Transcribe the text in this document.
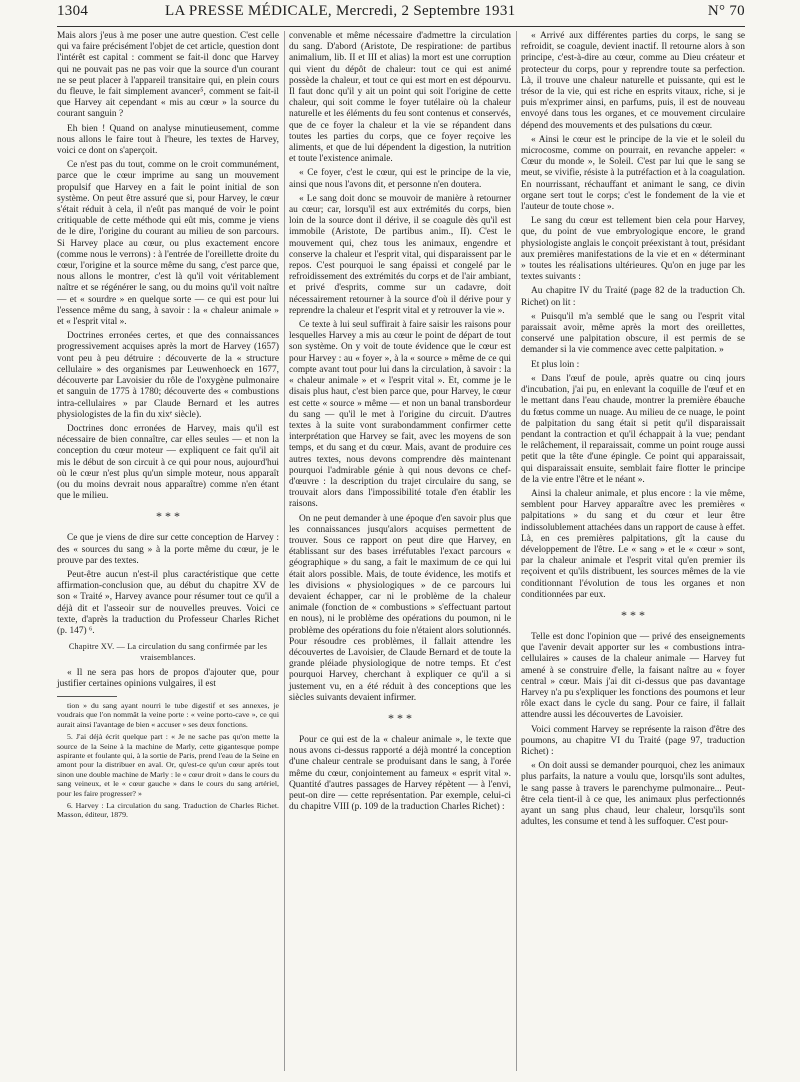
1304	LA PRESSE MÉDICALE, Mercredi, 2 Septembre 1931	N° 70

Mais alors j'eus à me poser une autre question. C'est celle qui va faire précisément l'objet de cet article, question dont l'intérêt est capital : comment se fait-il donc que Harvey qui ne pouvait pas ne pas voir que la source d'un courant ne se peut placer à l'appareil transitaire qui, en plein cours du fleuve, le fait simplement avancer⁵, comment se fait-il que Harvey ait cependant « mis au cœur » la source du courant sanguin ?

Eh bien ! Quand on analyse minutieusement, comme nous allons le faire tout à l'heure, les textes de Harvey, voici ce dont on s'aperçoit.

Ce n'est pas du tout, comme on le croit communément, parce que le cœur imprime au sang un mouvement propulsif que Harvey en a fait le point initial de son système. On peut être assuré que si, pour Harvey, le cœur s'était réduit à cela, il n'eût pas manqué de voir le point critiquable de cette méthode qui eût mis, comme je viens de le dire, l'origine du courant au milieu de son parcours. Si Harvey place au cœur, ou plus exactement encore (comme nous le verrons) : à l'entrée de l'oreillette droite du cœur, l'origine et la source même du sang, c'est parce que, nous allons le montrer, c'est là qu'il voit véritablement naître et se régénérer le sang, ou du moins qu'il voit naître — et « sourdre » en quelque sorte — ce qui est pour lui l'essence même du sang, à savoir : la « chaleur animale » et « l'esprit vital ».

Doctrines erronées certes, et que des connaissances progressivement acquises après la mort de Harvey (1657) vont peu à peu détruire : découverte de la « structure cellulaire » des organismes par Leuwenhoeck en 1677, découverte par Lavoisier du rôle de l'oxygène pulmonaire et sanguin de 1775 à 1780; découverte des « combustions intra-cellulaires » par Claude Bernard et les autres physiologistes de la fin du xixᵉ siècle).

Doctrines donc erronées de Harvey, mais qu'il est nécessaire de bien connaître, car elles seules — et non la conception du cœur moteur — expliquent ce fait qu'il ait mis le début de son circuit à ce qui pour nous, aujourd'hui où le cœur n'est plus qu'un simple moteur, nous apparaît (ou du moins devrait nous apparaître) comme n'en étant que le milieu.

* * *

Ce que je viens de dire sur cette conception de Harvey : des « sources du sang » à la porte même du cœur, je le prouve par des textes.

Peut-être aucun n'est-il plus caractéristique que cette affirmation-conclusion que, au début du chapitre XV de son « Traité », Harvey avance pour résumer tout ce qu'il a déjà dit et l'asseoir sur de nouvelles preuves. Voici ce texte, d'après la traduction du Professeur Charles Richet (p. 147) ⁶.

Chapitre XV. — La circulation du sang confirmée par les vraisemblances.

« Il ne sera pas hors de propos d'ajouter que, pour justifier certaines opinions vulgaires, il est

tion » du sang ayant nourri le tube digestif et ses annexes, je voudrais que l'on nommât la veine porte : « veine porto-cave », ce qui aurait ainsi l'avantage de bien « accuser » ses deux fonctions.

5. J'ai déjà écrit quelque part : « Je ne sache pas qu'on mette la source de la Seine à la machine de Marly, cette gigantesque pompe aspirante et foulante qui, à la sortie de Paris, prend l'eau de la Seine en amont pour la distribuer en aval. Or, qu'est-ce qu'un cœur après tout sinon une double machine de Marly : le « cœur droit » dans le cours du sang veineux, et le « cœur gauche » dans le cours du sang artériel, pour les faire progresser? »

6. Harvey : La circulation du sang. Traduction de Charles Richet. Masson, éditeur, 1879.

convenable et même nécessaire d'admettre la circulation du sang. D'abord (Aristote, De respiratione: de partibus animalium, lib. II et III et alias) la mort est une corruption qui vient du dépôt de chaleur: tout ce qui est animé possède la chaleur, et tout ce qui est mort en est dépourvu. Il faut donc qu'il y ait un point qui soit l'origine de cette chaleur, qui soit comme le foyer tutélaire où la chaleur naturelle et les éléments du feu sont contenus et conservés, que de ce foyer la chaleur et la vie se répandent dans toutes les parties du corps, que ce foyer reçoive les aliments, et que de lui dépendent la digestion, la nutrition et toute l'existence animale.

« Ce foyer, c'est le cœur, qui est le principe de la vie, ainsi que nous l'avons dit, et personne n'en doutera.

« Le sang doit donc se mouvoir de manière à retourner au cœur; car, lorsqu'il est aux extrémités du corps, bien loin de la source dont il dérive, il se coagule dès qu'il est immobile (Aristote, De partibus anim., II). C'est le mouvement qui, chez tous les animaux, engendre et conserve la chaleur et l'esprit vital, qui disparaissent par le repos. C'est pourquoi le sang épaissi et congelé par le refroidissement des extrémités du corps et de l'air ambiant, et privé d'esprits, comme sur un cadavre, doit nécessairement retourner à la source d'où il dérive pour y reprendre la chaleur et l'esprit vital et y retrouver la vie ».

Ce texte à lui seul suffirait à faire saisir les raisons pour lesquelles Harvey a mis au cœur le point de départ de tout son système. On y voit de toute évidence que le cœur est pour Harvey : au « foyer », à la « source » même de ce qui compte avant tout pour lui dans la circulation, à savoir : la « chaleur animale » et « l'esprit vital ». Et, comme je le disais plus haut, c'est bien parce que, pour Harvey, le cœur est cette « source » même — et non un banal transbordeur du sang — qu'il le met à l'origine du circuit. D'autres textes à la suite vont surabondamment confirmer cette interprétation que Harvey se fait, avec les moyens de son temps, et du sang et du cœur. Mais, avant de produire ces autres textes, nous devons comprendre dès maintenant pourquoi l'admirable génie à qui nous devons ce chef-d'œuvre : la description du trajet circulaire du sang, se trouvait alors dans l'impossibilité totale d'en établir les raisons.

On ne peut demander à une époque d'en savoir plus que les connaissances jusqu'alors acquises permettent de trouver. Sous ce rapport on peut dire que Harvey, en établissant sur des bases irréfutables l'exact parcours « géographique » du sang, a fait le maximum de ce qui lui était alors possible. Mais, de toute évidence, les motifs et les divisions « physiologiques » de ce parcours lui devaient échapper, car ni le problème de la chaleur animale (fonction de « combustions » s'effectuant partout en nous), ni le problème des opérations du poumon, ni le problème des opérations du foie n'étaient alors solutionnés. Pour résoudre ces problèmes, il fallait attendre les découvertes de Lavoisier, de Claude Bernard et de toute la grande pléiade physiologique de notre temps. Et c'est pourquoi Harvey, cherchant à expliquer ce qu'il a si justement vu, en a été réduit à des conceptions que les siècles suivants devaient infirmer.

* * *

Pour ce qui est de la « chaleur animale », le texte que nous avons ci-dessus rapporté a déjà montré la conception d'une chaleur centrale se produisant dans le sang, à l'orée même du cœur, conjointement au fameux « esprit vital ». Quantité d'autres passages de Harvey répètent — à l'envi, peut-on dire — cette représentation. Par exemple, celui-ci du chapitre VIII (p. 109 de la traduction Charles Richet) :

« Arrivé aux différentes parties du corps, le sang se refroidit, se coagule, devient inactif. Il retourne alors à son principe, c'est-à-dire au cœur, comme au Dieu créateur et protecteur du corps, pour y reprendre toute sa perfection. Là, il trouve une chaleur naturelle et puissante, qui est le trésor de la vie, qui est riche en esprits vitaux, riche, si je puis m'exprimer ainsi, en parfums, puis, il est de nouveau envoyé dans tous les organes, et ce mouvement circulaire dépend des mouvements et des pulsations du cœur.

« Ainsi le cœur est le principe de la vie et le soleil du microcosme, comme on pourrait, en revanche appeler: « Cœur du monde », le Soleil. C'est par lui que le sang se meut, se vivifie, résiste à la putréfaction et à la coagulation. En nourrissant, réchauffant et animant le sang, ce divin organe sert tout le corps; c'est le fondement de la vie et l'auteur de toute chose ».

Le sang du cœur est tellement bien cela pour Harvey, que, du point de vue embryologique encore, le grand physiologiste anglais le conçoit préexistant à tout, présidant aux premières manifestations de la vie et en « déterminant » toutes les réalisations ultérieures. Qu'on en juge par les textes suivants :

Au chapitre IV du Traité (page 82 de la traduction Ch. Richet) on lit :

« Puisqu'il m'a semblé que le sang ou l'esprit vital paraissait avoir, même après la mort des oreillettes, conservé une palpitation obscure, il est permis de se demander si la vie commence avec cette palpitation. »

Et plus loin :

« Dans l'œuf de poule, après quatre ou cinq jours d'incubation, j'ai pu, en enlevant la coquille de l'œuf et en le mettant dans l'eau chaude, montrer la première ébauche du fœtus comme un nuage. Au milieu de ce nuage, le point de palpitation du sang était si petit qu'il disparaissait pendant la contraction et qu'il échappait à la vue; pendant le relâchement, il reparaissait, comme un point rouge aussi petit que la tête d'une épingle. Ce point qui apparaissait, qui disparaissait ensuite, semblait faire flotter le principe de la vie entre l'être et le néant ».

Ainsi la chaleur animale, et plus encore : la vie même, semblent pour Harvey apparaître avec les premières « palpitations » du sang et du cœur et leur être indissolublement attachées dans un rapport de cause à effet. Là, en ces premières palpitations, gît la cause du développement de l'être. Le « sang » et le « cœur » sont, par la chaleur animale et l'esprit vital qu'en premier ils reçoivent et qu'ils distribuent, les sources mêmes de la vie conditionnant l'évolution de tous les organes et non conditionnées par eux.

* * *

Telle est donc l'opinion que — privé des enseignements que l'avenir devait apporter sur les « combustions intra-cellulaires » causes de la chaleur animale — Harvey fut amené à se construire d'elle, la faisant naître au « foyer central » cœur. Mais j'ai dit ci-dessus que pas davantage Harvey n'a pu s'expliquer les fonctions des poumons et leur rôle exact dans le cycle du sang. Pour ce faire, il fallait attendre aussi les découvertes de Lavoisier.

Voici comment Harvey se représente la raison d'être des poumons, au chapitre VI du Traité (page 97, traduction Richet) :

« On doit aussi se demander pourquoi, chez les animaux plus parfaits, la nature a voulu que, lorsqu'ils sont adultes, le sang passe à travers le parenchyme pulmonaire... Peut-être cela tient-il à ce que, les animaux plus perfectionnés ayant un sang plus chaud, leur chaleur, lorsqu'ils sont adultes, les consume et tend à les suffoquer. C'est pour-
